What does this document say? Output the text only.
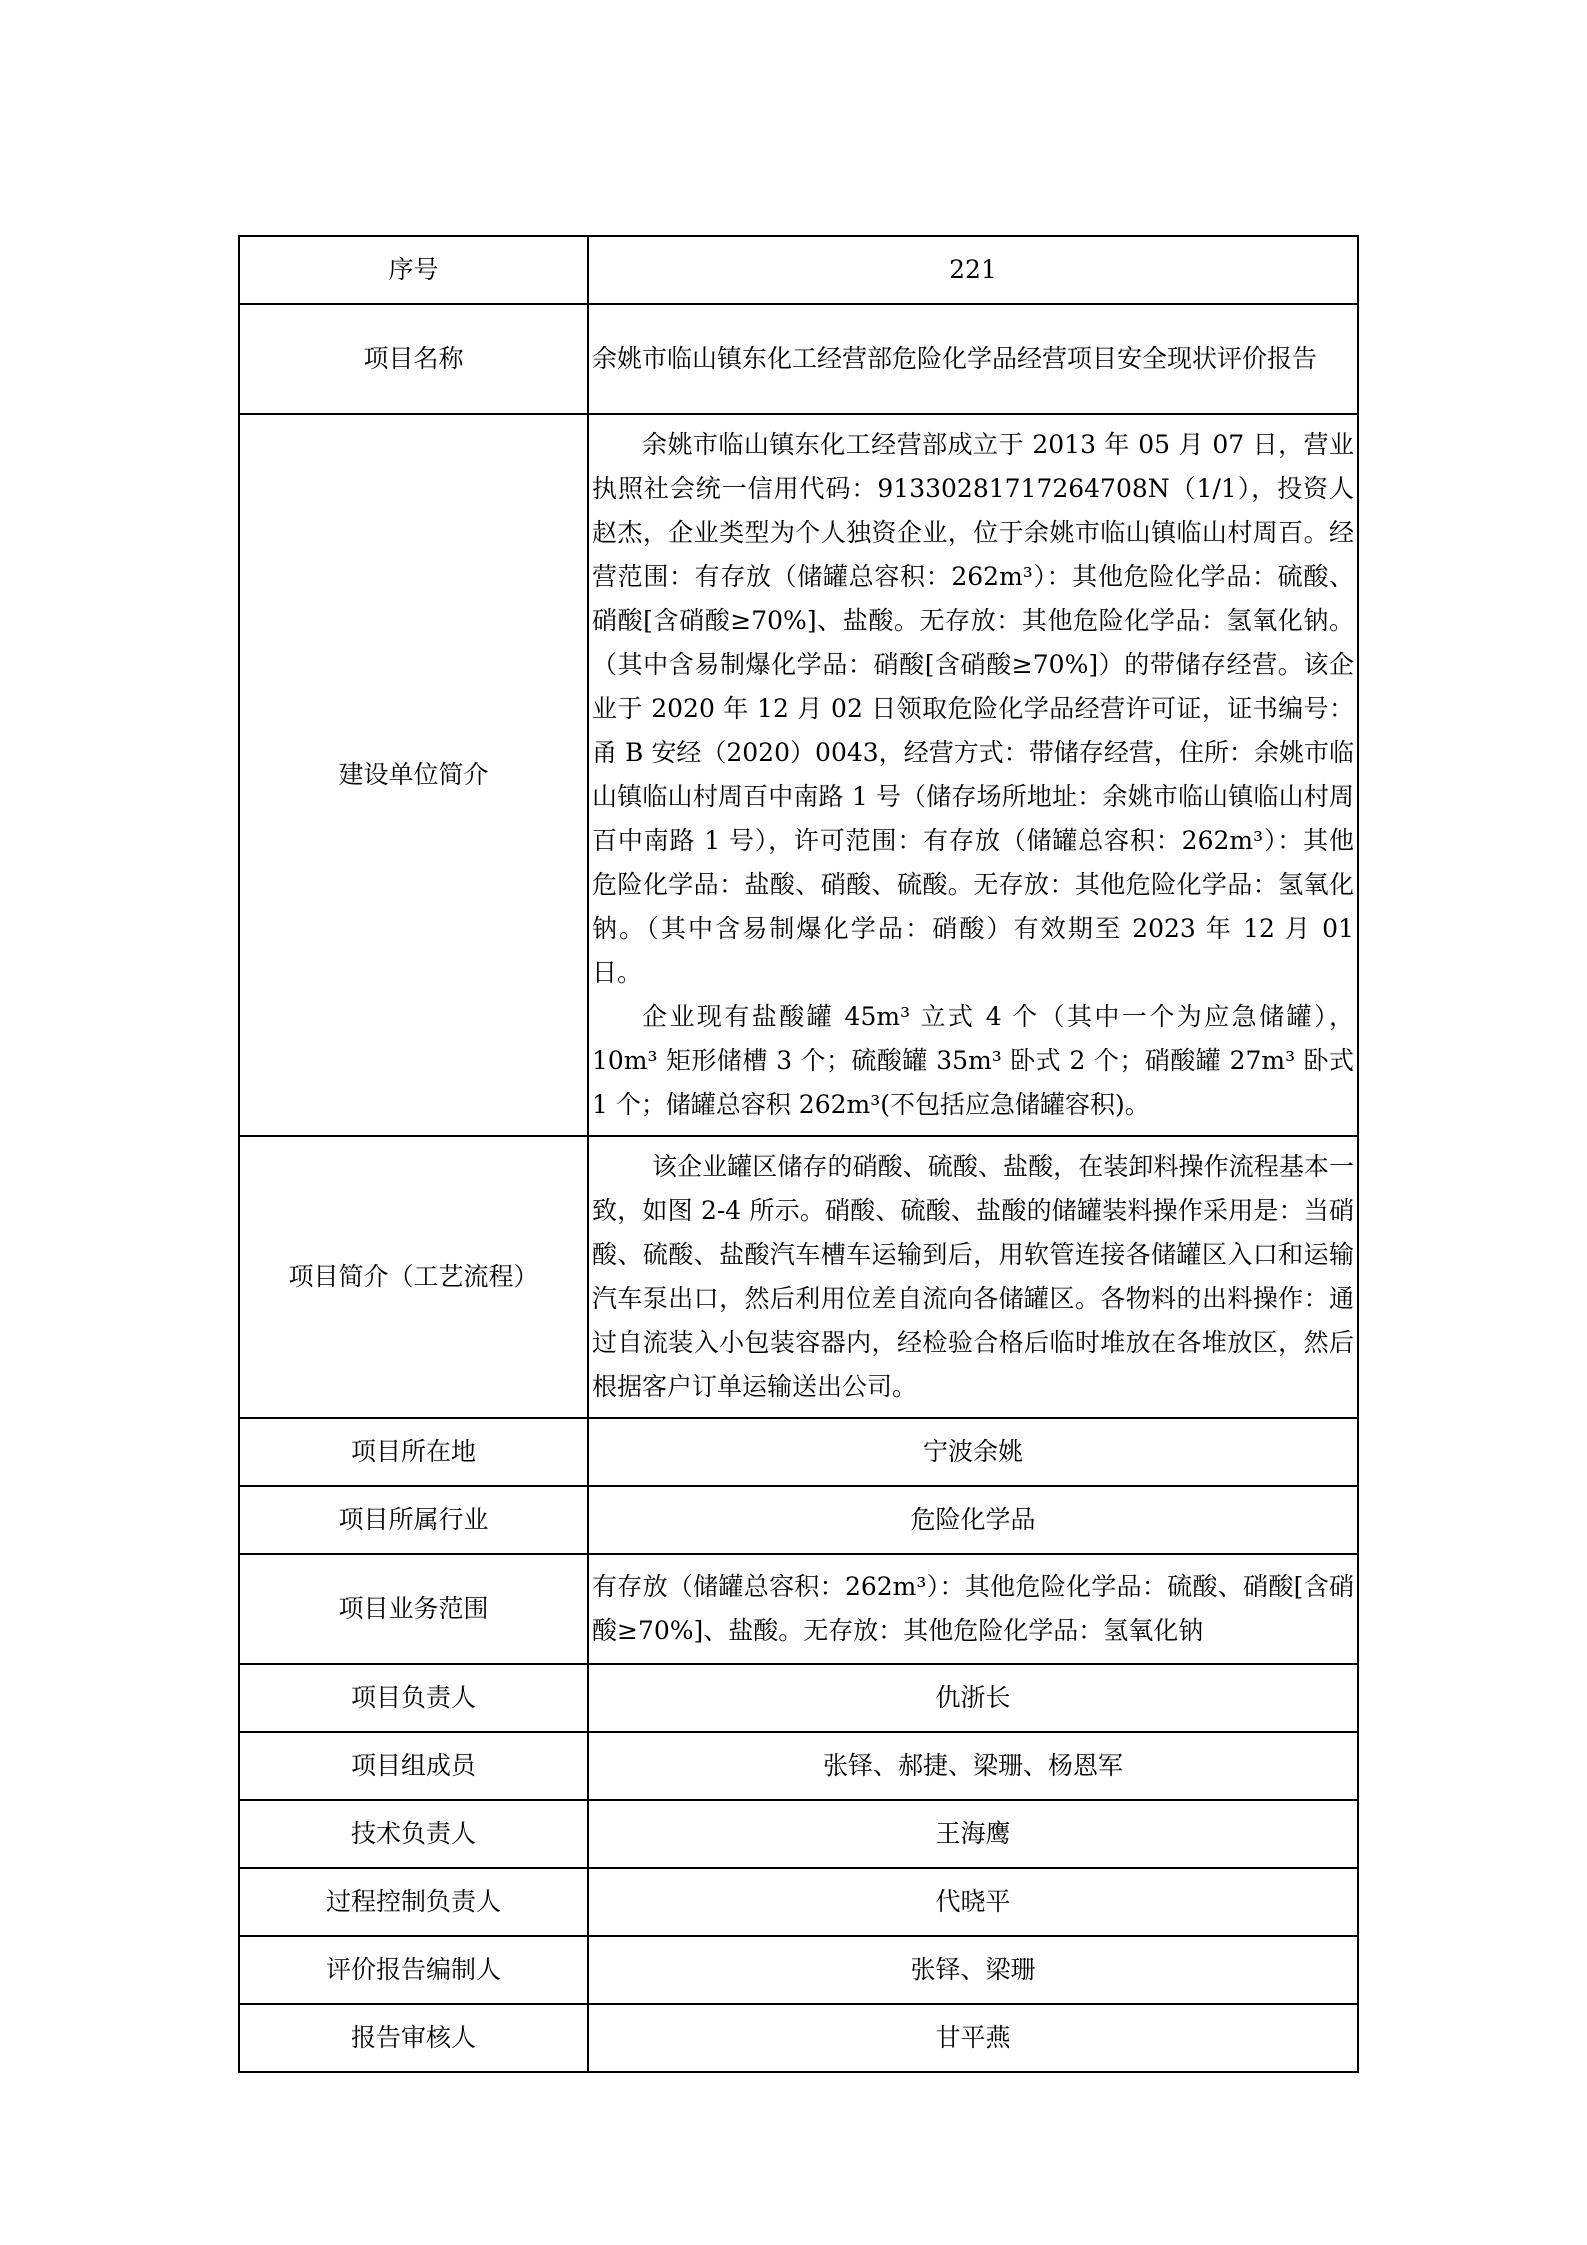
序号	221
项目名称	余姚市临山镇东化工经营部危险化学品经营项目安全现状评价报告
建设单位简介	余姚市临山镇东化工经营部成立于 2013 年 05 月 07 日，营业执照社会统一信用代码：91330281717264708N（1/1），投资人赵杰，企业类型为个人独资企业，位于余姚市临山镇临山村周百。经营范围：有存放（储罐总容积：262m³）：其他危险化学品：硫酸、硝酸[含硝酸≥70%]、盐酸。无存放：其他危险化学品：氢氧化钠。（其中含易制爆化学品：硝酸[含硝酸≥70%]）的带储存经营。该企业于 2020 年 12 月 02 日领取危险化学品经营许可证，证书编号：甬 B 安经（2020）0043，经营方式：带储存经营，住所：余姚市临山镇临山村周百中南路 1 号（储存场所地址：余姚市临山镇临山村周百中南路 1 号），许可范围：有存放（储罐总容积：262m³）：其他危险化学品：盐酸、硝酸、硫酸。无存放：其他危险化学品：氢氧化钠。（其中含易制爆化学品：硝酸）有效期至 2023 年 12 月 01 日。

企业现有盐酸罐 45m³ 立式 4 个（其中一个为应急储罐），10m³ 矩形储槽 3 个；硫酸罐 35m³ 卧式 2 个；硝酸罐 27m³ 卧式 1 个；储罐总容积 262m³(不包括应急储罐容积)。

项目简介（工艺流程）	该企业罐区储存的硝酸、硫酸、盐酸，在装卸料操作流程基本一致，如图 2-4 所示。硝酸、硫酸、盐酸的储罐装料操作采用是：当硝酸、硫酸、盐酸汽车槽车运输到后，用软管连接各储罐区入口和运输汽车泵出口，然后利用位差自流向各储罐区。各物料的出料操作：通过自流装入小包装容器内，经检验合格后临时堆放在各堆放区，然后根据客户订单运输送出公司。

项目所在地	宁波余姚
项目所属行业	危险化学品
项目业务范围	有存放（储罐总容积：262m³）：其他危险化学品：硫酸、硝酸[含硝酸≥70%]、盐酸。无存放：其他危险化学品：氢氧化钠
项目负责人	仇浙长
项目组成员	张铎、郝捷、梁珊、杨恩军
技术负责人	王海鹰
过程控制负责人	代晓平
评价报告编制人	张铎、梁珊
报告审核人	甘平燕
